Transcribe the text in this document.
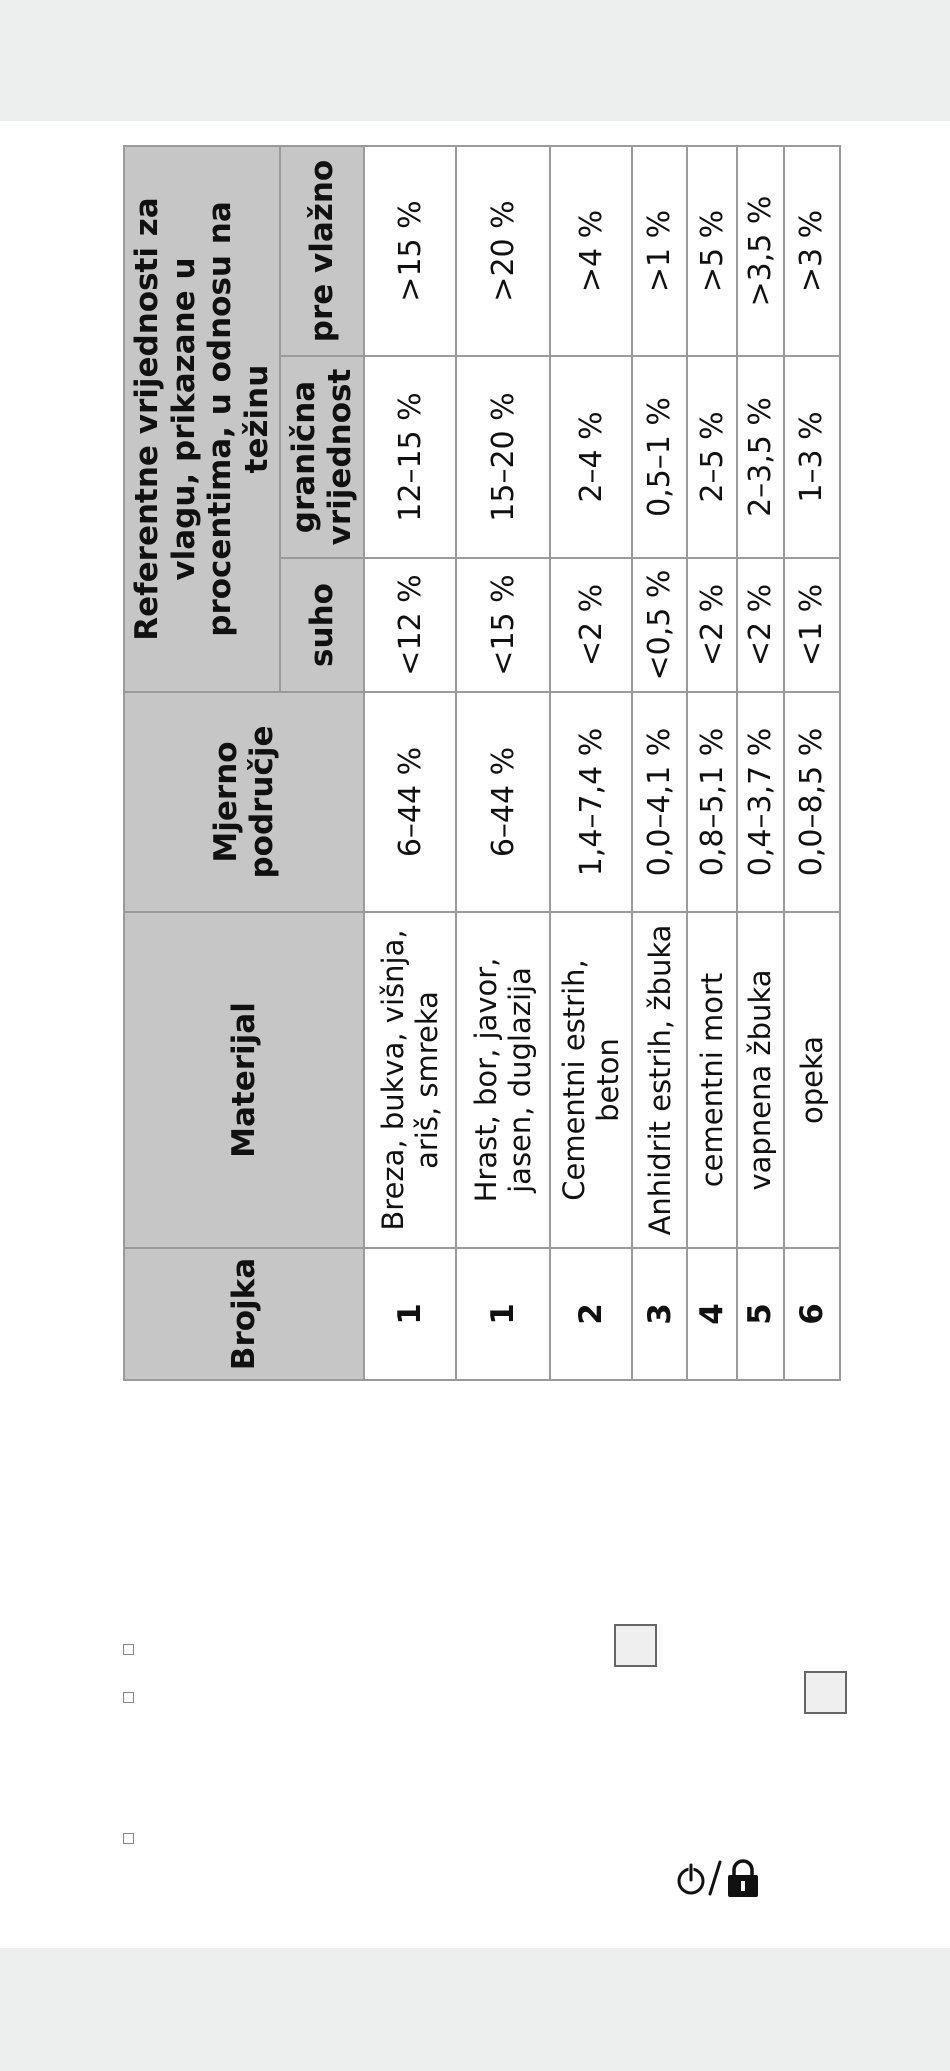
Brojka	Materijal	Mjerno područje	Referentne vrijednosti za vlagu, prikazane u procentima, u odnosu na težinu		
			suho	granična vrijednost	pre vlažno
1	Breza, bukva, višnja, ariš, smreka	6–44 %	<12 %	12–15 %	>15 %
1	Hrast, bor, javor, jasen, duglazija	6–44 %	<15 %	15–20 %	>20 %
2	Cementni estrih, beton	1,4–7,4 %	<2 %	2–4 %	>4 %
3	Anhidrit estrih, žbuka	0,0–4,1 %	<0,5 %	0,5–1 %	>1 %
4	cementni mort	0,8–5,1 %	<2 %	2–5 %	>5 %
5	vapnena žbuka	0,4–3,7 %	<2 %	2–3,5 %	>3,5 %
6	opeka	0,0–8,5 %	<1 %	1–3 %	>3 %
